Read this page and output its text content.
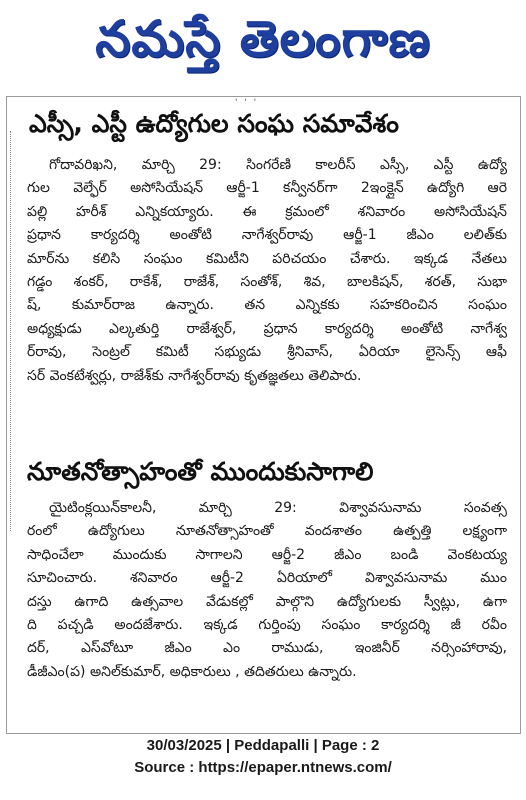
నమస్తే తెలంగాణ
' ' '
ఎస్సీ, ఎస్టీ ఉద్యోగుల సంఘ సమావేశం
గోదావరిఖని, మార్చి 29: సింగరేణి కాలరీస్ ఎస్సీ, ఎస్టీ ఉద్యో
గుల వెల్ఫేర్ అసోసియేషన్ ఆర్జీ-1 కన్వీనర్‌గా 2ఇంక్లైన్ ఉద్యోగి ఆరె
పల్లి హరీశ్ ఎన్నికయ్యారు. ఈ క్రమంలో శనివారం అసోసియేషన్
ప్రధాన కార్యదర్శి అంతోటి నాగేశ్వర్‌రావు ఆర్జీ-1 జీఎం లలిత్‌కు
మార్‌ను కలిసి సంఘం కమిటీని పరిచయం చేశారు. ఇక్కడ నేతలు
గడ్డం శంకర్, రాకేశ్, రాజేశ్, సంతోశ్, శివ, బాలకిషన్, శరత్, సుభా
ష్, కుమార్‌రాజ ఉన్నారు. తన ఎన్నికకు సహకరించిన సంఘం
అధ్యక్షుడు ఎల్కతుర్తి రాజేశ్వర్, ప్రధాన కార్యదర్శి అంతోటి నాగేశ్వ
ర్‌రావు, సెంట్రల్ కమిటీ సభ్యుడు శ్రీనివాస్, ఏరియా లైసెన్స్ ఆఫీ
సర్ వెంకటేశ్వర్లు, రాజేశ్‌కు నాగేశ్వర్‌రావు కృతజ్ఞతలు తెలిపారు.
నూతనోత్సాహంతో ముందుకుసాగాలి
యైటింక్లయిన్‌కాలనీ, మార్చి 29: విశ్వావసునామ సంవత్స
రంలో ఉద్యోగులు నూతనోత్సాహంతో వందశాతం ఉత్పత్తి లక్ష్యంగా
సాధించేలా ముందుకు సాగాలని ఆర్జీ-2 జీఎం బండి వెంకటయ్య
సూచించారు. శనివారం ఆర్జీ-2 ఏరియాలో విశ్వావసునామ ముం
దస్తు ఉగాది ఉత్సవాల వేడుకల్లో పాల్గొని ఉద్యోగులకు స్వీట్లు, ఉగా
ది పచ్చడి అందజేశారు. ఇక్కడ గుర్తింపు సంఘం కార్యదర్శి జీ రవీం
దర్, ఎస్‌వోటూ జీఎం ఎం రాముడు, ఇంజినీర్ నర్సింహారావు,
డీజీఎం(ప) అనిల్‌కుమార్, అధికారులు , తదితరులు ఉన్నారు.
30/03/2025 | Peddapalli | Page : 2
Source : https://epaper.ntnews.com/
